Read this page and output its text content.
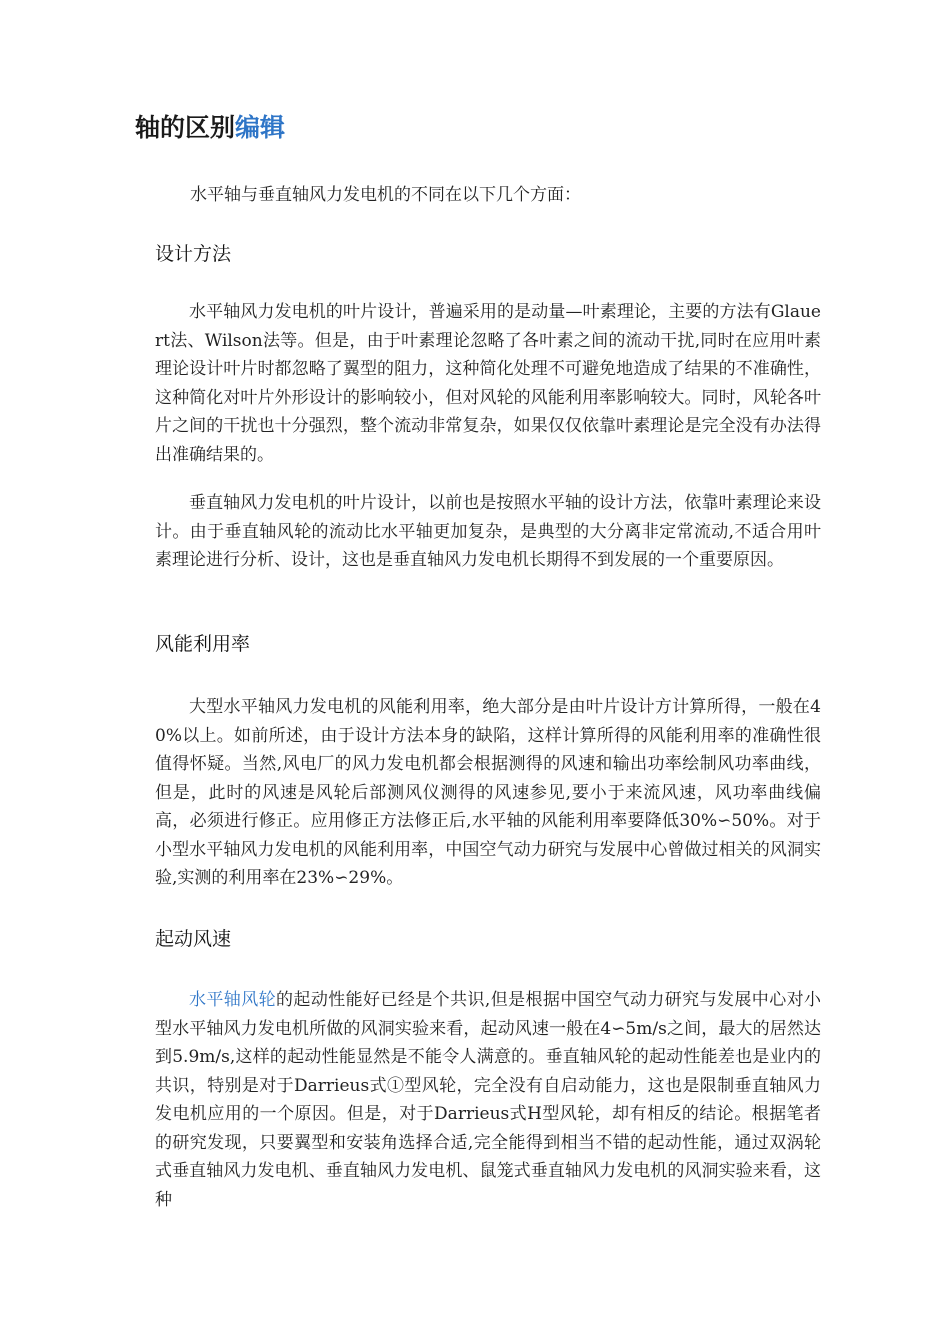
轴的区别编辑

水平轴与垂直轴风力发电机的不同在以下几个方面：

设计方法

水平轴风力发电机的叶片设计，普遍采用的是动量—叶素理论，主要的方法有Glauert法、Wilson法等。但是，由于叶素理论忽略了各叶素之间的流动干扰,同时在应用叶素理论设计叶片时都忽略了翼型的阻力，这种简化处理不可避免地造成了结果的不准确性，这种简化对叶片外形设计的影响较小，但对风轮的风能利用率影响较大。同时，风轮各叶片之间的干扰也十分强烈，整个流动非常复杂，如果仅仅依靠叶素理论是完全没有办法得出准确结果的。

垂直轴风力发电机的叶片设计，以前也是按照水平轴的设计方法，依靠叶素理论来设计。由于垂直轴风轮的流动比水平轴更加复杂，是典型的大分离非定常流动,不适合用叶素理论进行分析、设计，这也是垂直轴风力发电机长期得不到发展的一个重要原因。

风能利用率

大型水平轴风力发电机的风能利用率，绝大部分是由叶片设计方计算所得，一般在40%以上。如前所述，由于设计方法本身的缺陷，这样计算所得的风能利用率的准确性很值得怀疑。当然,风电厂的风力发电机都会根据测得的风速和输出功率绘制风功率曲线，但是，此时的风速是风轮后部测风仪测得的风速参见,要小于来流风速，风功率曲线偏高，必须进行修正。应用修正方法修正后,水平轴的风能利用率要降低30%∽50%。对于小型水平轴风力发电机的风能利用率，中国空气动力研究与发展中心曾做过相关的风洞实验,实测的利用率在23%∽29%。

起动风速

水平轴风轮的起动性能好已经是个共识,但是根据中国空气动力研究与发展中心对小型水平轴风力发电机所做的风洞实验来看，起动风速一般在4∽5m/s之间，最大的居然达到5.9m/s,这样的起动性能显然是不能令人满意的。垂直轴风轮的起动性能差也是业内的共识，特别是对于Darrieus式①型风轮，完全没有自启动能力，这也是限制垂直轴风力发电机应用的一个原因。但是，对于Darrieus式H型风轮，却有相反的结论。根据笔者的研究发现，只要翼型和安装角选择合适,完全能得到相当不错的起动性能，通过双涡轮式垂直轴风力发电机、垂直轴风力发电机、鼠笼式垂直轴风力发电机的风洞实验来看，这种
